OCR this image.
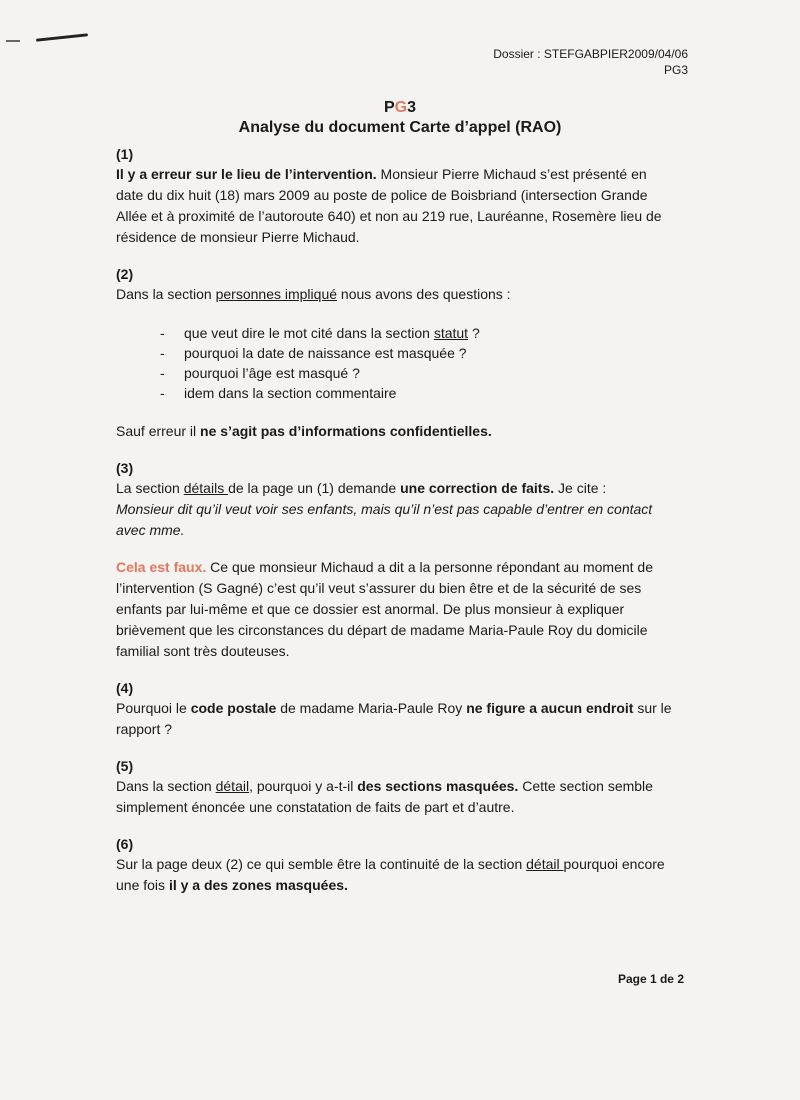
Dossier : STEFGABPIER2009/04/06
PG3
PG3
Analyse du document Carte d’appel (RAO)
(1)

Il y a erreur sur le lieu de l’intervention. Monsieur Pierre Michaud s’est présenté en date du dix huit (18) mars 2009 au poste de police de Boisbriand (intersection Grande Allée et à proximité de l’autoroute 640) et non au 219 rue, Lauréanne, Rosemère lieu de résidence de monsieur Pierre Michaud.

(2)

Dans la section personnes impliqué nous avons des questions :

- que veut dire le mot cité dans la section statut ?
- pourquoi la date de naissance est masquée ?
- pourquoi l’âge est masqué ?
- idem dans la section commentaire

Sauf erreur il ne s’agit pas d’informations confidentielles.

(3)

La section détails de la page un (1) demande une correction de faits. Je cite :

Monsieur dit qu’il veut voir ses enfants, mais qu’il n’est pas capable d’entrer en contact avec mme.

Cela est faux. Ce que monsieur Michaud a dit a la personne répondant au moment de l’intervention (S Gagné) c’est qu’il veut s’assurer du bien être et de la sécurité de ses enfants par lui-même et que ce dossier est anormal. De plus monsieur à expliquer brièvement que les circonstances du départ de madame Maria-Paule Roy du domicile familial sont très douteuses.

(4)

Pourquoi le code postale de madame Maria-Paule Roy ne figure a aucun endroit sur le rapport ?

(5)

Dans la section détail, pourquoi y a-t-il des sections masquées. Cette section semble simplement énoncée une constatation de faits de part et d’autre.

(6)

Sur la page deux (2) ce qui semble être la continuité de la section détail pourquoi encore une fois il y a des zones masquées.

Page 1 de 2
